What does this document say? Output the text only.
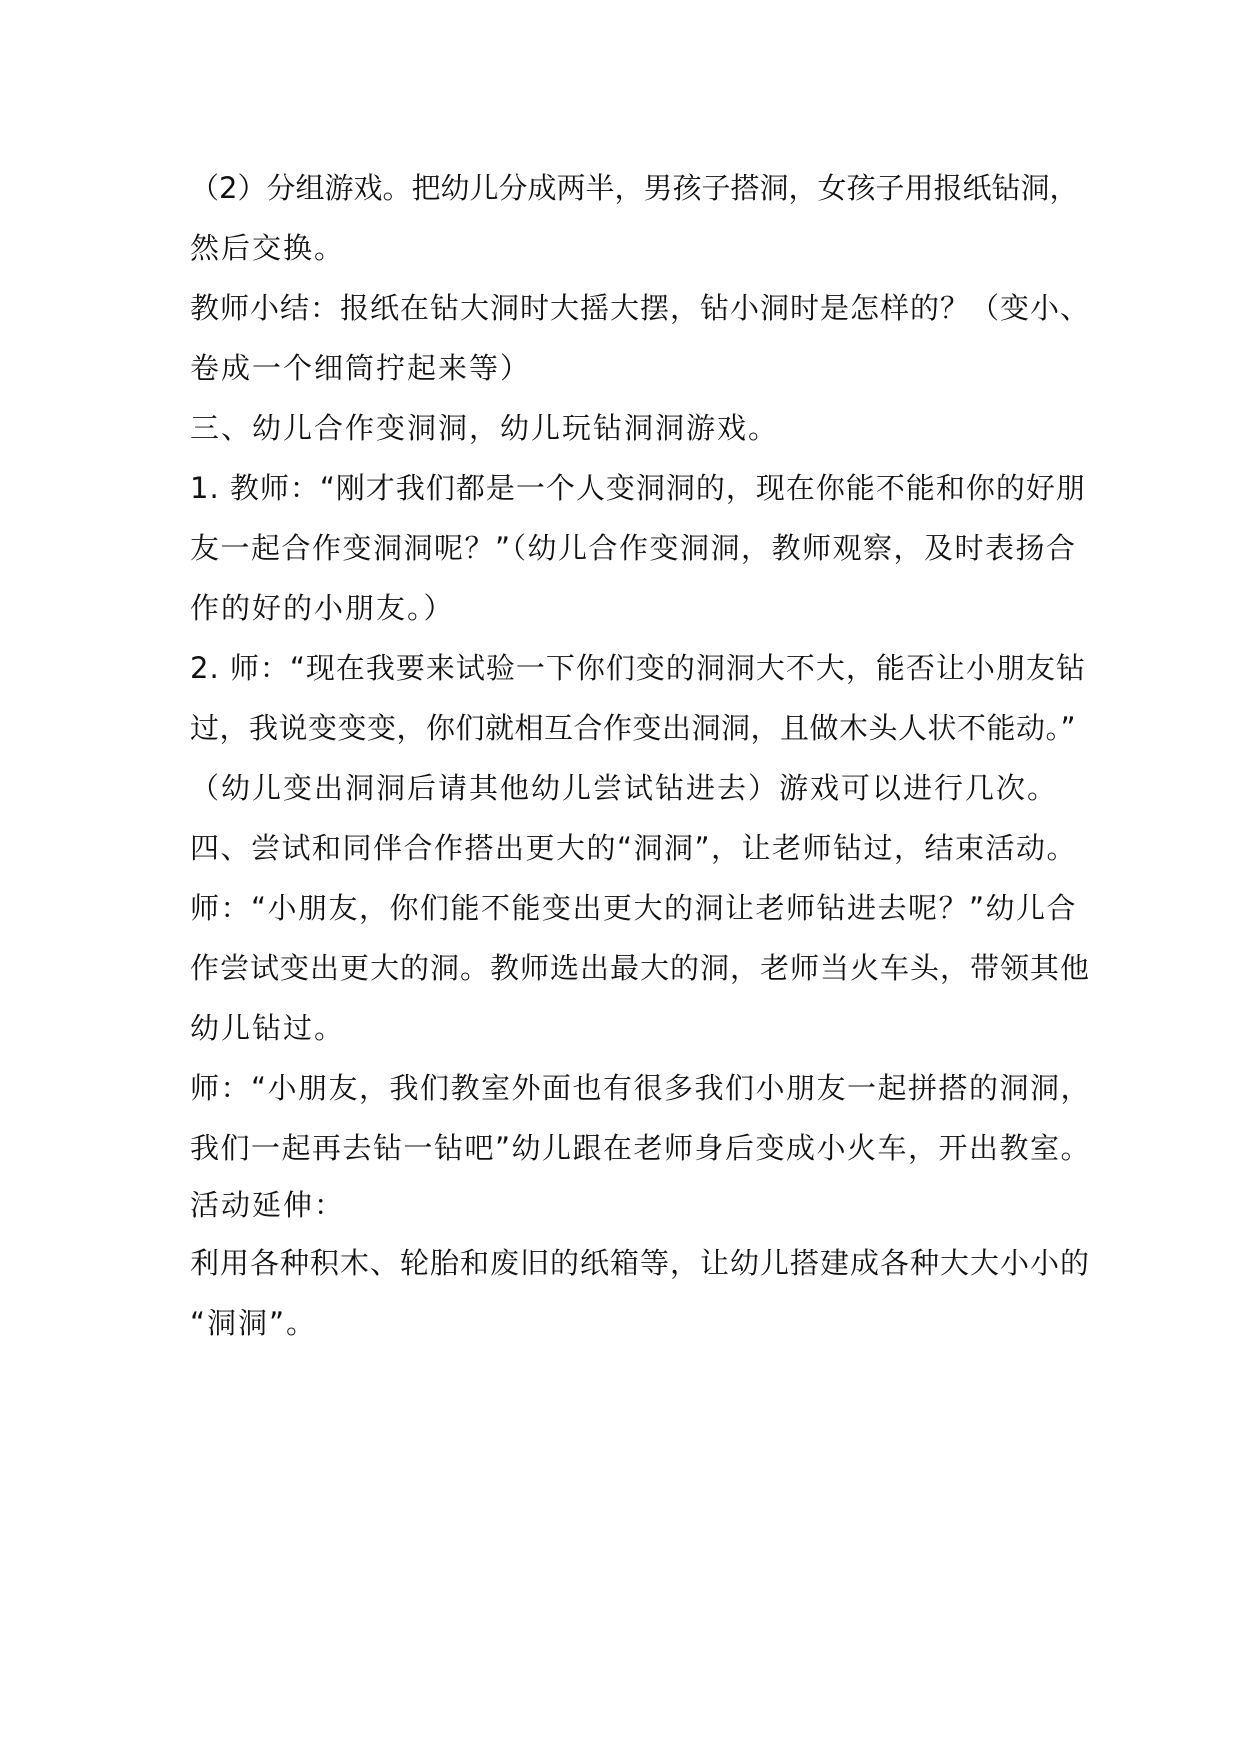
（2）分组游戏。把幼儿分成两半，男孩子搭洞，女孩子用报纸钻洞，

然后交换。

教师小结：报纸在钻大洞时大摇大摆，钻小洞时是怎样的？（变小、

卷成一个细筒拧起来等）

三、幼儿合作变洞洞，幼儿玩钻洞洞游戏。

1. 教师：“刚才我们都是一个人变洞洞的，现在你能不能和你的好朋

友一起合作变洞洞呢？”（幼儿合作变洞洞，教师观察，及时表扬合

作的好的小朋友。）

2. 师：“现在我要来试验一下你们变的洞洞大不大，能否让小朋友钻

过，我说变变变，你们就相互合作变出洞洞，且做木头人状不能动。”

（幼儿变出洞洞后请其他幼儿尝试钻进去）游戏可以进行几次。

四、尝试和同伴合作搭出更大的“洞洞”，让老师钻过，结束活动。

师：“小朋友，你们能不能变出更大的洞让老师钻进去呢？”幼儿合

作尝试变出更大的洞。教师选出最大的洞，老师当火车头，带领其他

幼儿钻过。

师：“小朋友，我们教室外面也有很多我们小朋友一起拼搭的洞洞，

我们一起再去钻一钻吧”幼儿跟在老师身后变成小火车，开出教室。

活动延伸：

利用各种积木、轮胎和废旧的纸箱等，让幼儿搭建成各种大大小小的

“洞洞”。
